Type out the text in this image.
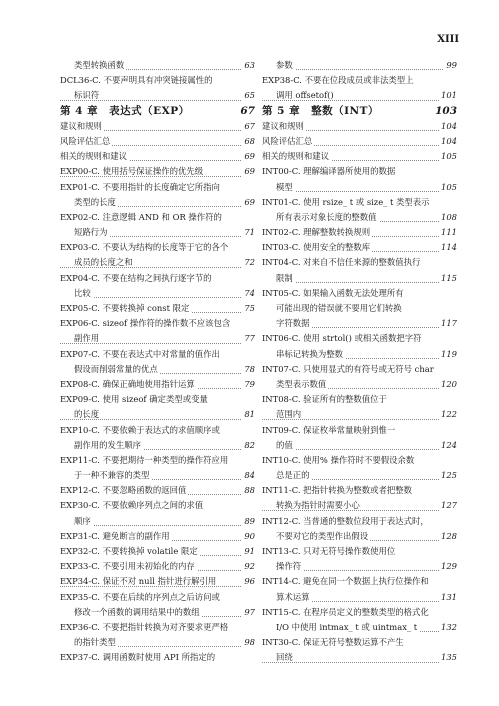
XIII
类型转换函数	63
DCL36-C. 不要声明具有冲突链接属性的
标识符	65
第 4 章　表达式（EXP）	67
建议和规则	67
风险评估汇总	68
相关的规则和建议	69
EXP00-C. 使用括号保证操作的优先级	69
EXP01-C. 不要用指针的长度确定它所指向
类型的长度	69
EXP02-C. 注意逻辑 AND 和 OR 操作符的
短路行为	71
EXP03-C. 不要认为结构的长度等于它的各个
成员的长度之和	72
EXP04-C. 不要在结构之间执行逐字节的
比较	74
EXP05-C. 不要转换掉 const 限定	75
EXP06-C. sizeof 操作符的操作数不应该包含
副作用	77
EXP07-C. 不要在表达式中对常量的值作出
假设而削弱常量的优点	78
EXP08-C. 确保正确地使用指针运算	79
EXP09-C. 使用 sizeof 确定类型或变量
的长度	81
EXP10-C. 不要依赖于表达式的求值顺序或
副作用的发生顺序	82
EXP11-C. 不要把期待一种类型的操作符应用
于一种不兼容的类型	84
EXP12-C. 不要忽略函数的返回值	88
EXP30-C. 不要依赖序列点之间的求值
顺序	89
EXP31-C. 避免断言的副作用	90
EXP32-C. 不要转换掉 volatile 限定	91
EXP33-C. 不要引用未初始化的内存	92
EXP34-C. 保证不对 null 指针进行解引用	96
EXP35-C. 不要在后续的序列点之后访问或
修改一个函数的调用结果中的数组	97
EXP36-C. 不要把指针转换为对齐要求更严格
的指针类型	98
EXP37-C. 调用函数时使用 API 所指定的
参数	99
EXP38-C. 不要在位段成员或非法类型上
调用 offsetof()	101
第 5 章　整数（INT）	103
建议和规则	104
风险评估汇总	104
相关的规则和建议	105
INT00-C. 理解编译器所使用的数据
模型	105
INT01-C. 使用 rsize_ t 或 size_ t 类型表示
所有表示对象长度的整数值	108
INT02-C. 理解整数转换规则	111
INT03-C. 使用安全的整数库	114
INT04-C. 对来自不信任来源的整数值执行
限制	115
INT05-C. 如果输入函数无法处理所有
可能出现的错误就不要用它们转换
字符数据	117
INT06-C. 使用 strtol() 或相关函数把字符
串标记转换为整数	119
INT07-C. 只使用显式的有符号或无符号 char
类型表示数值	120
INT08-C. 验证所有的整数值位于
范围内	122
INT09-C. 保证枚举常量映射到惟一
的值	124
INT10-C. 使用% 操作符时不要假设余数
总是正的	125
INT11-C. 把指针转换为整数或者把整数
转换为指针时需要小心	127
INT12-C. 当普通的整数位段用于表达式时，
不要对它的类型作出假设	128
INT13-C. 只对无符号操作数使用位
操作符	129
INT14-C. 避免在同一个数据上执行位操作和
算术运算	131
INT15-C. 在程序员定义的整数类型的格式化
I/O 中使用 intmax_ t 或 uintmax_ t	132
INT30-C. 保证无符号整数运算不产生
回绕	135
